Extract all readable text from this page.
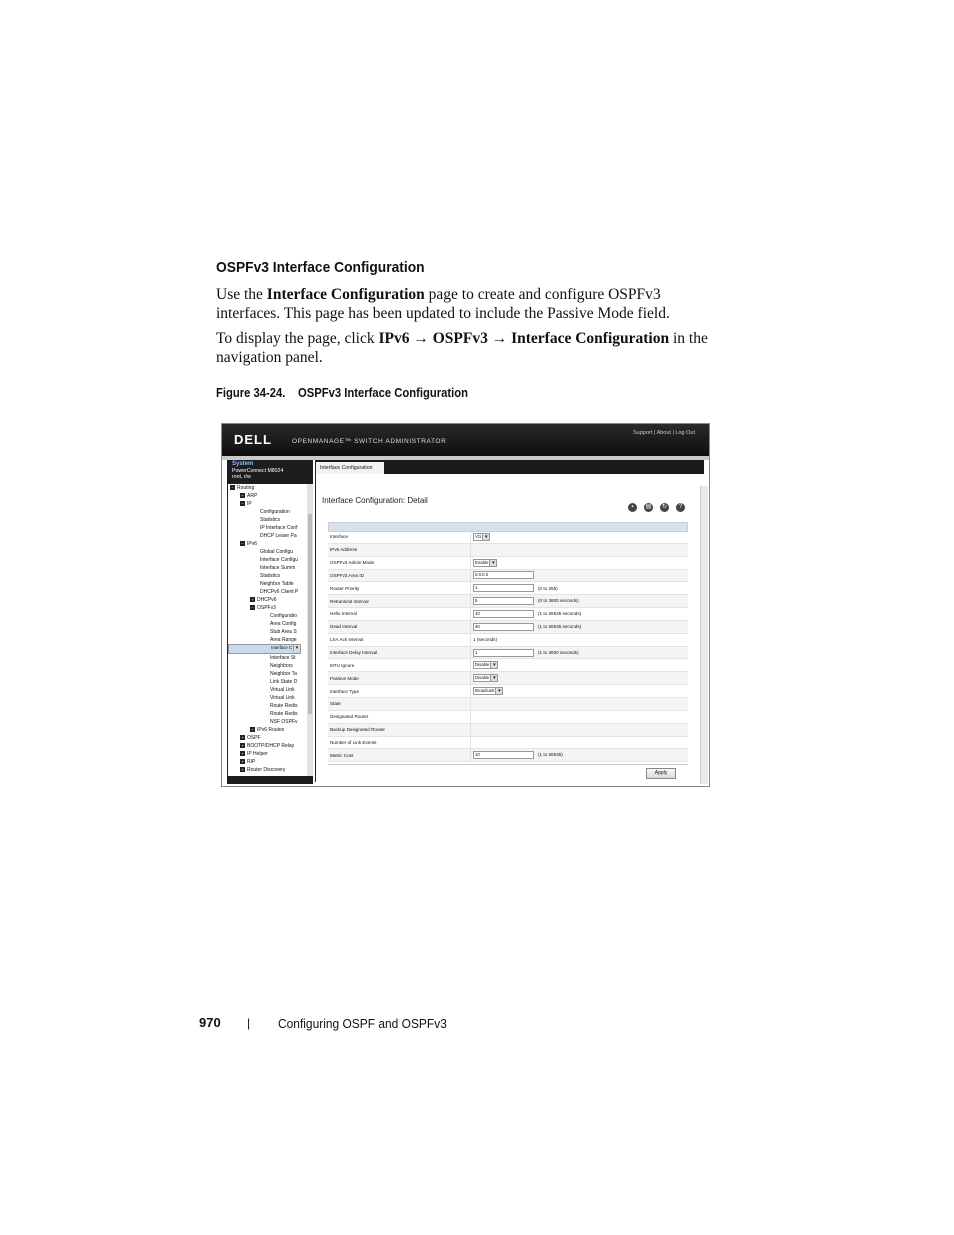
OSPFv3 Interface Configuration
Use the Interface Configuration page to create and configure OSPFv3 interfaces. This page has been updated to include the Passive Mode field.
To display the page, click IPv6 → OSPFv3 → Interface Configuration in the navigation panel.
Figure 34-24. OSPFv3 Interface Configuration
DELL	OPENMANAGE™ SWITCH ADMINISTRATOR
Support | About | Log Out
System
PowerConnect M8024
root, r/w
− Routing
+ ARP
− IP
Configuration
Statistics
IP Interface Conf
DHCP Lease Pa
− IPv6
Global Configu
Interface Configu
Interface Summ
Statistics
Neighbor Table
DHCPv6 Client P
+ DHCPv6
− OSPFv3
Configuratio
Area Config
Stub Area S
Area Range
Interface C ▾
Interface St
Neighbors
Neighbor Ta
Link State D
Virtual Link
Virtual Link
Route Redis
Route Redis
NSF OSPFv
+ IPv6 Routes
+ OSPF
+ BOOTP/DHCP Relay
+ IP Helper
+ RIP
+ Router Discovery
Interface Configuration
Interface Configuration: Detail
▪ ▤ ↻ ?
Interface	Vl1 ▾
IPv6 Address	
OSPFv3 Admin Mode	Enable ▾
OSPFv3 Area ID	0.0.0.0
Router Priority	1 (0 to 255)
Retransmit Interval	5 (0 to 3600 seconds)
Hello Interval	10 (1 to 65535 seconds)
Dead Interval	40 (1 to 65535 seconds)
LSA Ack Interval	1 (seconds)
Interface Delay Interval	1 (1 to 3600 seconds)
MTU Ignore	Disable ▾
Passive Mode	Disable ▾
Interface Type	Broadcast ▾
State	
Designated Router	
Backup Designated Router	
Number of Link Events	
Metric Cost	10 (1 to 65535)
Apply
970 | Configuring OSPF and OSPFv3
